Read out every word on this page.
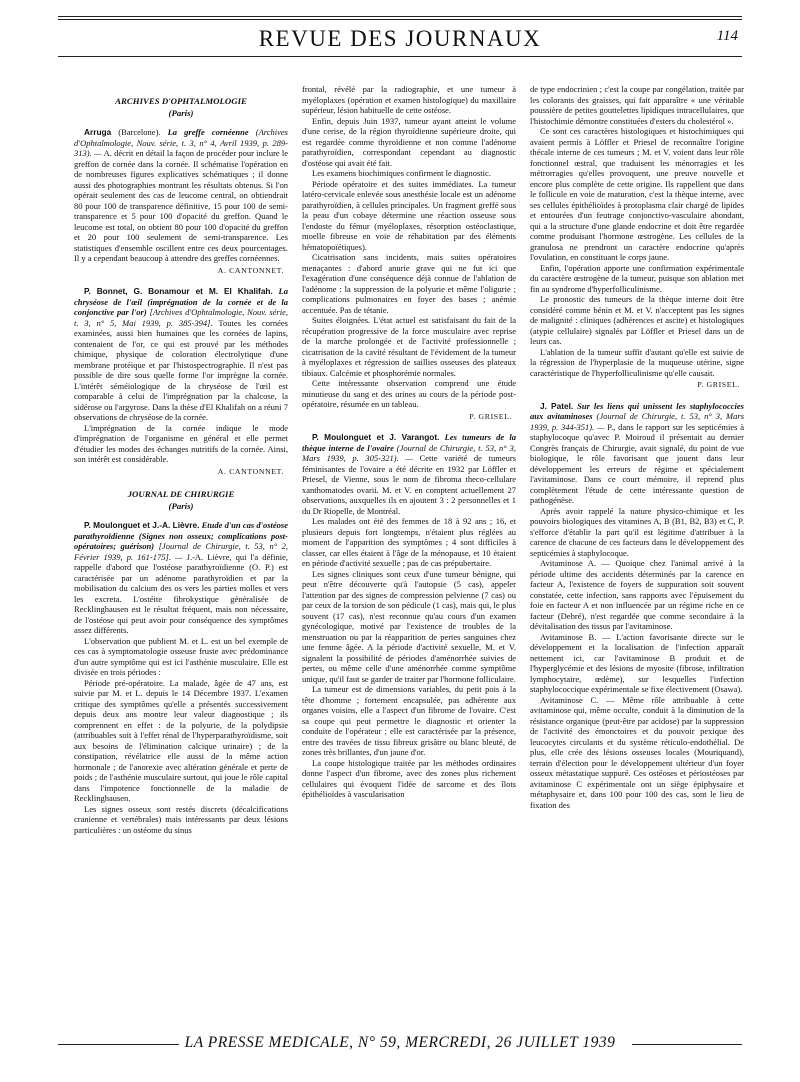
REVUE DES JOURNAUX	114
ARCHIVES D'OPHTALMOLOGIE
(Paris)

Arruga (Barcelone). La greffe cornéenne (Archives d'Ophtalmologie, Nouv. série, t. 3, n° 4, Avril 1939, p. 289-313). — A. décrit en détail la façon de procéder pour inclure le greffon de cornée dans la cornée. Il schématise l'opération en de nombreuses figures explicatives schématiques ; il donne aussi des photographies montrant les résultats obtenus. Si l'on opérait seulement des cas de leucome central, on obtiendrait 80 pour 100 de transparence définitive, 15 pour 100 de semi-transparence et 5 pour 100 d'opacité du greffon. Quand le leucome est total, on obtient 80 pour 100 d'opacité du greffon et 20 pour 100 seulement de semi-transparence. Les statistiques d'ensemble oscillent entre ces deux pourcentages. Il y a cependant beaucoup à attendre des greffes cornéennes.

A. CANTONNET.

P. Bonnet, G. Bonamour et M. El Khalifah. La chryséose de l'œil (imprégnation de la cornée et de la conjonctive par l'or) [Archives d'Ophtalmologie, Nouv. série, t. 3, n° 5, Mai 1939, p. 385-394]. Toutes les cornées examinées, aussi bien humaines que les cornées de lapins, contenaient de l'or, ce qui est prouvé par les méthodes chimique, physique de coloration électrolytique d'une membrane protéique et par l'histospectrographie. Il n'est pas possible de dire sous quelle forme l'or imprègne la cornée. L'intérêt séméiologique de la chryséose de l'œil est comparable à celui de l'imprégnation par la chalcose, la sidérose ou l'argyrose. Dans la thèse d'El Khalifah on a réuni 7 observations de chryséose de la cornée.

L'imprégnation de la cornée indique le mode d'imprégnation de l'organisme en général et elle permet d'étudier les modes des échanges nutritifs de la cornée. Ainsi, son intérêt est considérable.

A. CANTONNET.
JOURNAL DE CHIRURGIE
(Paris)

P. Moulonguet et J.-A. Lièvre. Etude d'un cas d'ostéose parathyroïdienne (Signes non osseux; complications post-opératoires; guérison) [Journal de Chirurgie, t. 53, n° 2, Février 1939, p. 161-175]. — J.-A. Lièvre, qui l'a définie, rappelle d'abord que l'ostéose parathyroïdienne (O. P.) est caractérisée par un adénome parathyroïdien et par la mobilisation du calcium des os vers les parties molles et vers les excreta. L'ostéite fibrokystique généralisée de Recklinghausen est le résultat fréquent, mais non nécessaire, de l'ostéose qui peut avoir pour conséquence des symptômes assez différents.

L'observation que publient M. et L. est un bel exemple de ces cas à symptomatologie osseuse fruste avec prédominance d'un autre symptôme qui est ici l'asthénie musculaire. Elle est divisée en trois périodes :

Période pré-opératoire. La malade, âgée de 47 ans, est suivie par M. et L. depuis le 14 Décembre 1937. L'examen critique des symptômes qu'elle a présentés successivement depuis deux ans montre leur valeur diagnostique ; ils comprennent en effet : de la polyurie, de la polydipsie (attribuables soit à l'effet rénal de l'hyperparathyroïdisme, soit aux besoins de l'élimination calcique urinaire) ; de la constipation, révélatrice elle aussi de la même action hormonale ; de l'anorexie avec altération générale et perte de poids ; de l'asthénie musculaire surtout, qui joue le rôle capital dans l'impotence fonctionnelle de la maladie de Recklinghausen.

Les signes osseux sont restés discrets (décalcifications cranienne et vertébrales) mais intéressants par deux lésions particulières : un ostéome du sinus

frontal, révélé par la radiographie, et une tumeur à myéloplaxes (opération et examen histologique) du maxillaire supérieur, lésion habituelle de cette ostéose.

Enfin, depuis Juin 1937, tumeur ayant atteint le volume d'une cerise, de la région thyroïdienne supérieure droite, qui est regardée comme thyroïdienne et non comme l'adénome parathyroïdien, correspondant cependant au diagnostic d'ostéose qui avait été fait.

Les examens biochimiques confirment le diagnostic.

Période opératoire et des suites immédiates. La tumeur latéro-cervicale enlevée sous anesthésie locale est un adénome parathyroïdien, à cellules principales. Un fragment greffé sous la peau d'un cobaye détermine une réaction osseuse sous l'endoste du fémur (myéloplaxes, résorption ostéoclastique, moelle fibreuse en voie de réhabitation par des éléments hématopoïétiques).

Cicatrisation sans incidents, mais suites opératoires menaçantes : d'abord anurie grave qui ne fut ici que l'exagération d'une conséquence déjà connue de l'ablation de l'adénome : la suppression de la polyurie et même l'oligurie ; complications pulmonaires en foyer des bases ; anémie accentuée. Pas de tétanie.

Suites éloignées. L'état actuel est satisfaisant du fait de la récupération progressive de la force musculaire avec reprise de la marche prolongée et de l'activité professionnelle ; cicatrisation de la cavité résultant de l'évidement de la tumeur à myéloplaxes et régression de saillies osseuses des plateaux tibiaux. Calcémie et phosphorémie normales.

Cette intéressante observation comprend une étude minutieuse du sang et des urines au cours de la période post-opératoire, résumée en un tableau.

P. GRISEL.

P. Moulonguet et J. Varangot. Les tumeurs de la thèque interne de l'ovaire (Journal de Chirurgie, t. 53, n° 3, Mars 1939, p. 305-321). — Cette variété de tumeurs féminisantes de l'ovaire a été décrite en 1932 par Löffler et Priesel, de Vienne, sous le nom de fibroma theco-cellulare xanthomatodes ovarii. M. et V. en comptent actuellement 27 observations, auxquelles ils en ajoutent 3 : 2 personnelles et 1 du Dr Riopelle, de Montréal.

Les malades ont été des femmes de 18 à 92 ans ; 16, et plusieurs depuis fort longtemps, n'étaient plus réglées au moment de l'apparition des symptômes ; 4 sont difficiles à classer, car elles étaient à l'âge de la ménopause, et 10 étaient en période d'activité sexuelle ; pas de cas prépubertaire.

Les signes cliniques sont ceux d'une tumeur bénigne, qui peut n'être découverte qu'à l'autopsie (5 cas), appeler l'attention par des signes de compression pelvienne (7 cas) ou par ceux de la torsion de son pédicule (1 cas), mais qui, le plus souvent (17 cas), n'est reconnue qu'au cours d'un examen gynécologique, motivé par l'existence de troubles de la menstruation ou par la réapparition de pertes sanguines chez une femme âgée. A la période d'activité sexuelle, M. et V. signalent la possibilité de périodes d'aménorrhée suivies de pertes, ou même celle d'une aménorrhée comme symptôme unique, qu'il faut se garder de traiter par l'hormone folliculaire.

La tumeur est de dimensions variables, du petit pois à la tête d'homme ; fortement encapsulée, pas adhérente aux organes voisins, elle a l'aspect d'un fibrome de l'ovaire. C'est sa coupe qui peut permettre le diagnostic et orienter la conduite de l'opérateur ; elle est caractérisée par la présence, entre des travées de tissu fibreux grisâtre ou blanc bleuté, de zones très brillantes, d'un jaune d'or.

La coupe histologique traitée par les méthodes ordinaires donne l'aspect d'un fibrome, avec des zones plus richement cellulaires qui évoquent l'idée de sarcome et des îlots épithélioïdes à vascularisation

de type endocrinien ; c'est la coupe par congélation, traitée par les colorants des graisses, qui fait apparaître « une véritable poussière de petites gouttelettes lipidiques intracellulaires, que l'histochimie démontre constituées d'esters du cholestérol ».

Ce sont ces caractères histologiques et histochimiques qui avaient permis à Löffler et Priesel de reconnaître l'origine thécale interne de ces tumeurs ; M. et V. voient dans leur rôle fonctionnel œstral, que traduisent les ménorragies et les métrorragies qu'elles provoquent, une preuve nouvelle et encore plus complète de cette origine. Ils rappellent que dans le follicule en voie de maturation, c'est la thèque interne, avec ses cellules épithélioïdes à protoplasma clair chargé de lipides et entourées d'un feutrage conjonctivo-vasculaire abondant, qui a la structure d'une glande endocrine et doit être regardée comme produisant l'hormone œstrogène. Les cellules de la granulosa ne prendront un caractère endocrine qu'après l'ovulation, en constituant le corps jaune.

Enfin, l'opération apporte une confirmation expérimentale du caractère œstrogène de la tumeur, puisque son ablation met fin au syndrome d'hyperfolliculinisme.

Le pronostic des tumeurs de la thèque interne doit être considéré comme bénin et M. et V. n'acceptent pas les signes de malignité : cliniques (adhérences et ascite) et histologiques (atypie cellulaire) signalés par Löffler et Priesel dans un de leurs cas.

L'ablation de la tumeur suffit d'autant qu'elle est suivie de la régression de l'hyperplasie de la muqueuse utérine, signe caractéristique de l'hyperfolliculinisme qu'elle causait.

P. GRISEL.

J. Patel. Sur les liens qui unissent les staphylococcies aux avitaminoses (Journal de Chirurgie, t. 53, n° 3, Mars 1939, p. 344-351). — P., dans le rapport sur les septicémies à staphylocoque qu'avec P. Moiroud il présentait au dernier Congrès français de Chirurgie, avait signalé, du point de vue biologique, le rôle favorisant que jouent dans leur développement les erreurs de régime et spécialement l'avitaminose. Dans ce court mémoire, il reprend plus complètement l'étude de cette intéressante question de pathogénèse.

Après avoir rappelé la nature physico-chimique et les pouvoirs biologiques des vitamines A, B (B1, B2, B3) et C, P. s'efforce d'établir la part qu'il est légitime d'attribuer à la carence de chacune de ces facteurs dans le développement des septicémies à staphylocoque.

Avitaminose A. — Quoique chez l'animal arrivé à la période ultime des accidents déterminés par la carence en facteur A, l'existence de foyers de suppuration soit souvent constatée, cette infection, sans rapports avec l'épuisement du foie en facteur A et non influencée par un régime riche en ce facteur (Debré), n'est regardée que comme secondaire à la dévitalisation des tissus par l'avitaminose.

Avitaminose B. — L'action favorisante directe sur le développement et la localisation de l'infection apparaît nettement ici, car l'avitaminose B produit et de l'hyperglycémie et des lésions de myosite (fibrose, infiltration lymphocytaire, œdème), sur lesquelles l'infection staphylococcique expérimentale se fixe électivement (Osawa).

Avitaminose C. — Même rôle attribuable à cette avitaminose qui, même occulte, conduit à la diminution de la résistance organique (peut-être par acidose) par la suppression de l'activité des émonctoires et du pouvoir pexique des leucocytes circulants et du système réticulo-endothélial. De plus, elle crée des lésions osseuses locales (Mouriquand), terrain d'élection pour le développement ultérieur d'un foyer osseux métastatique suppuré. Ces ostéoses et périostéoses par avitaminose C expérimentale ont un siège épiphysaire et métaphysaire et, dans 100 pour 100 des cas, sont le lieu de fixation des

LA PRESSE MEDICALE, N° 59, MERCREDI, 26 JUILLET 1939
